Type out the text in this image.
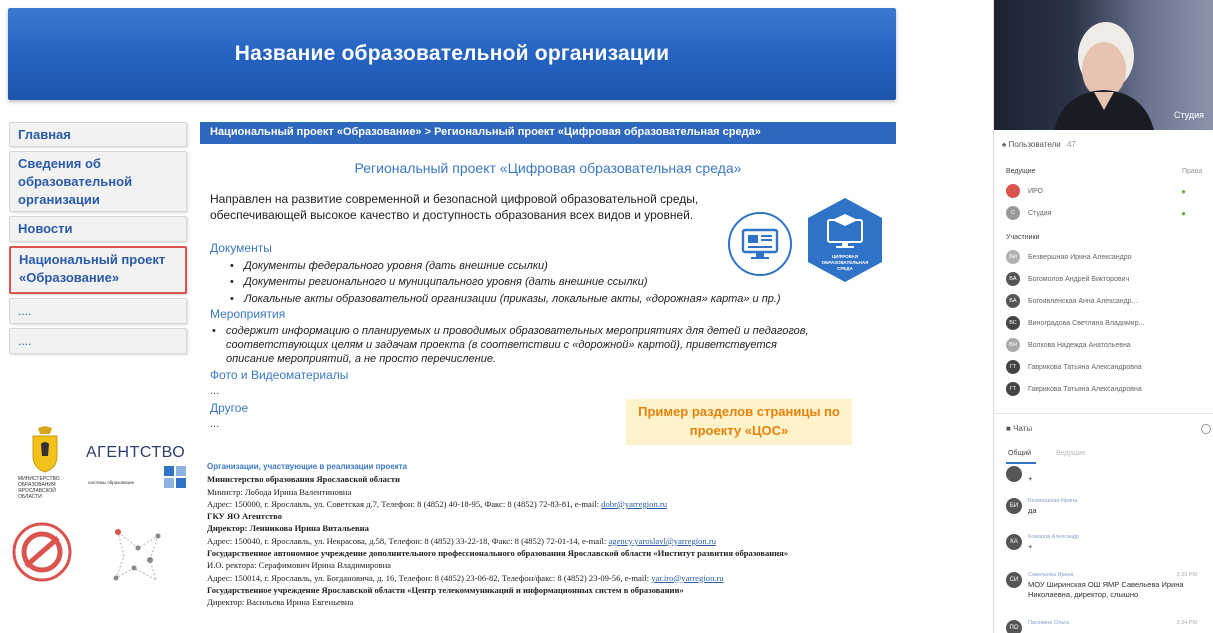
Название образовательной организации
Главная
Сведения об образовательной организации
Новости
Национальный проект «Образование»
....
....
Национальный проект «Образование» > Региональный проект «Цифровая образовательная среда»
Региональный проект «Цифровая образовательная среда»
Направлен на развитие современной и безопасной цифровой образовательной среды, обеспечивающей высокое качество и доступность образования всех видов и уровней.
ЦИФРОВАЯ ОБРАЗОВАТЕЛЬНАЯ СРЕДА
Документы
• Документы федерального уровня (дать внешние ссылки)
• Документы регионального и муниципального уровня (дать внешние ссылки)
• Локальные акты образовательной организации (приказы, локальные акты, «дорожная» карта» и пр.)
Мероприятия
• содержит информацию о планируемых и проводимых образовательных мероприятиях для детей и педагогов, соответствующих целям и задачам проекта (в соответствии с «дорожной» картой), приветствуется описание мероприятий, а не просто перечисление.
Фото и Видеоматериалы
...
Другое
...
Пример разделов страницы по проекту «ЦОС»
МИНИСТЕРСТВО ОБРАЗОВАНИЯ ЯРОСЛАВСКОЙ ОБЛАСТИ
АГЕНТСТВО
системы образования
Организации, участвующие в реализации проекта
Министерство образования Ярославской области
Министр: Лобода Ирина Валентиновна
Адрес: 150000, г. Ярославль, ул. Советская д.7, Телефон: 8 (4852) 40-18-95, Факс: 8 (4852) 72-83-81, e-mail: dobr@yarregion.ru
ГКУ ЯО Агентство
Директор: Ленникова Ирина Витальевна
Адрес: 150040, г. Ярославль, ул. Некрасова, д.58, Телефон: 8 (4852) 33-22-18, Факс: 8 (4852) 72-01-14, e-mail: agency.yaroslavl@yarregion.ru
Государственное автономное учреждение дополнительного профессионального образования Ярославской области «Институт развития образования»
И.О. ректора: Серафимович Ирина Владимировна
Адрес: 150014, г. Ярославль, ул. Богдановича, д. 16, Телефон: 8 (4852) 23-06-82, Телефон/факс: 8 (4852) 23-09-56, e-mail: yar.iro@yarregion.ru
Государственное учреждение Ярославской области «Центр телекоммуникаций и информационных систем в образовании»
Директор: Васильева Ирина Евгеньевна
Студия
♠ Пользователи 47
Ведущие	Права
ИРО	●
С	Студия	●
Участники
БИ	Безвершная Ирина Александро
БА	Богомолов Андрей Викторович
БА	Богоявленская Анна Александр...
ВС	Виноградова Светлана Владимир...
ВН	Волкова Надежда Анатольевна
ГТ	Гаврикова Татьяна Александровна
ГТ	Гаврикова Татьяна Александровна
■ Чаты
Общий	Ведущие
+
БИ
Безвершная Ирина
да
КА
Комаров Александр
+
СИ
Савельева Ирина
МОУ Ширинская ОШ ЯМР Савельева Ирина Николаевна, директор, слышно
3:33 PM
ПО
Пасекина Ольга	3:34 PM
